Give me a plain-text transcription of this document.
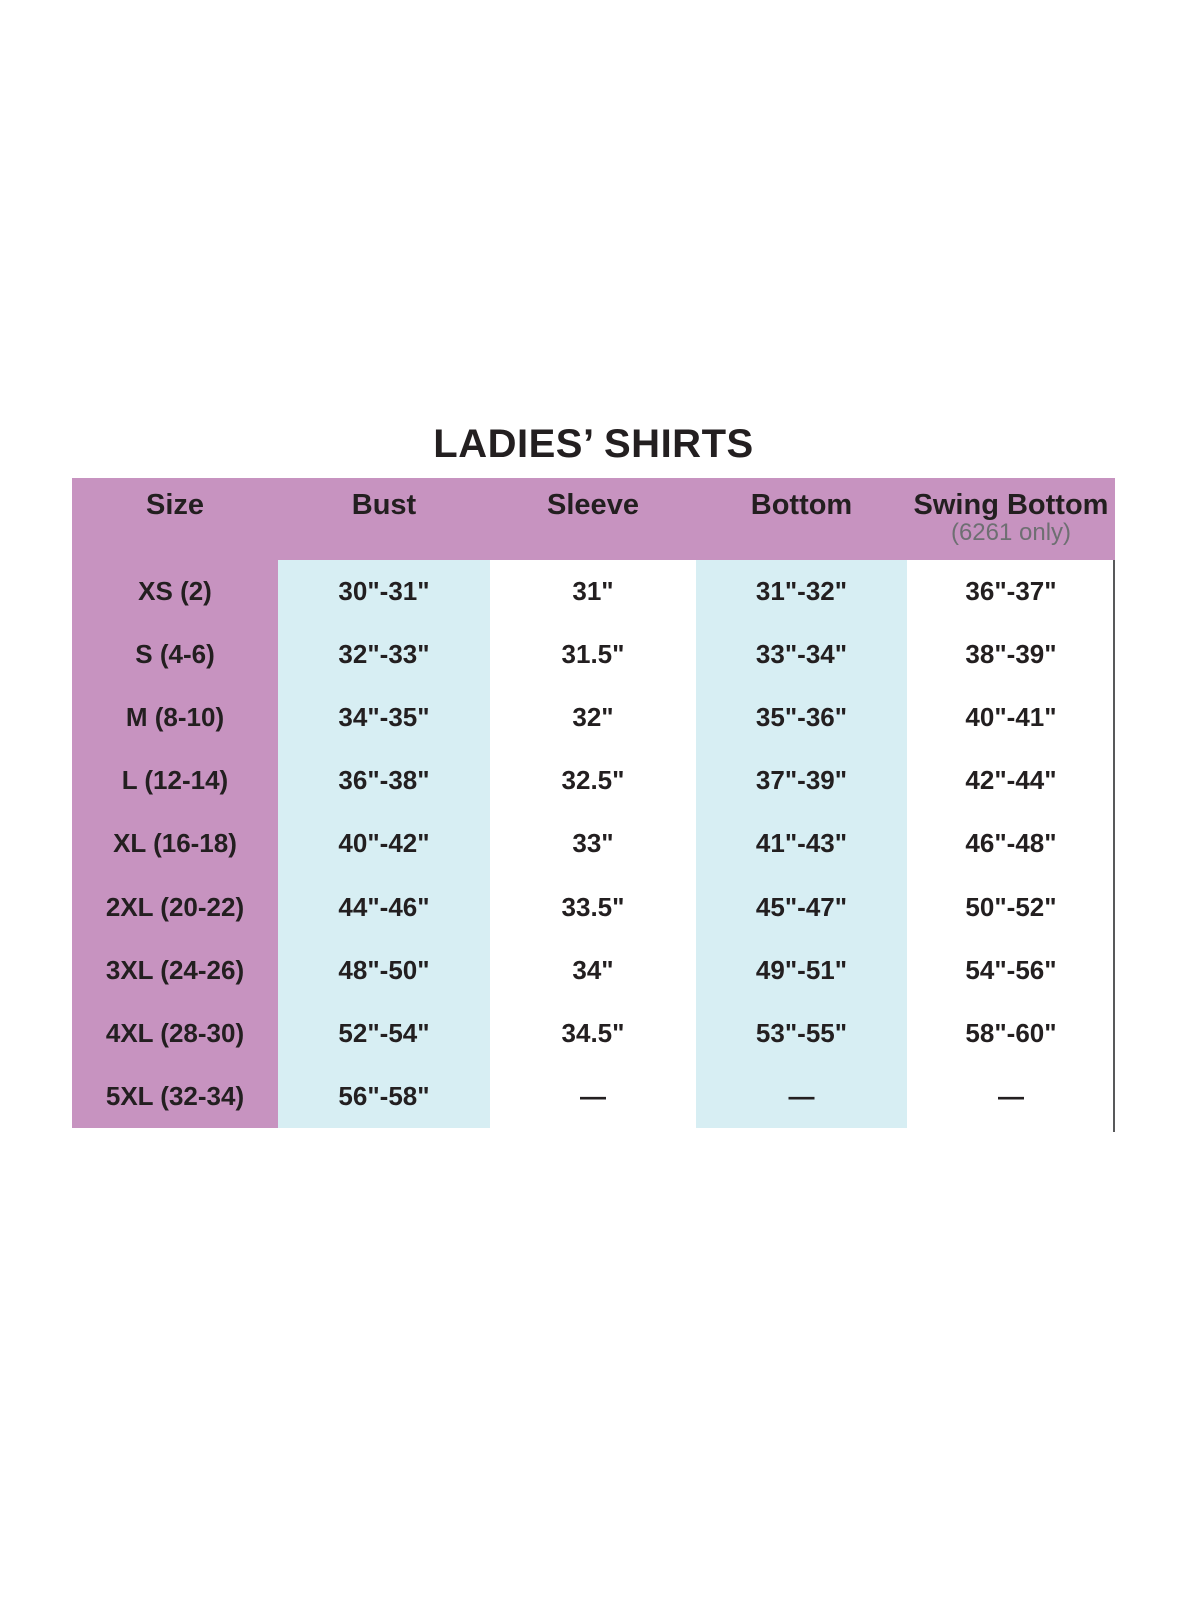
LADIES’ SHIRTS
Size	Bust	Sleeve	Bottom	Swing Bottom
(6261 only)
XS (2)	30"-31"	31"	31"-32"	36"-37"
S (4-6)	32"-33"	31.5"	33"-34"	38"-39"
M (8-10)	34"-35"	32"	35"-36"	40"-41"
L (12-14)	36"-38"	32.5"	37"-39"	42"-44"
XL (16-18)	40"-42"	33"	41"-43"	46"-48"
2XL (20-22)	44"-46"	33.5"	45"-47"	50"-52"
3XL (24-26)	48"-50"	34"	49"-51"	54"-56"
4XL (28-30)	52"-54"	34.5"	53"-55"	58"-60"
5XL (32-34)	56"-58"	—	—	—
